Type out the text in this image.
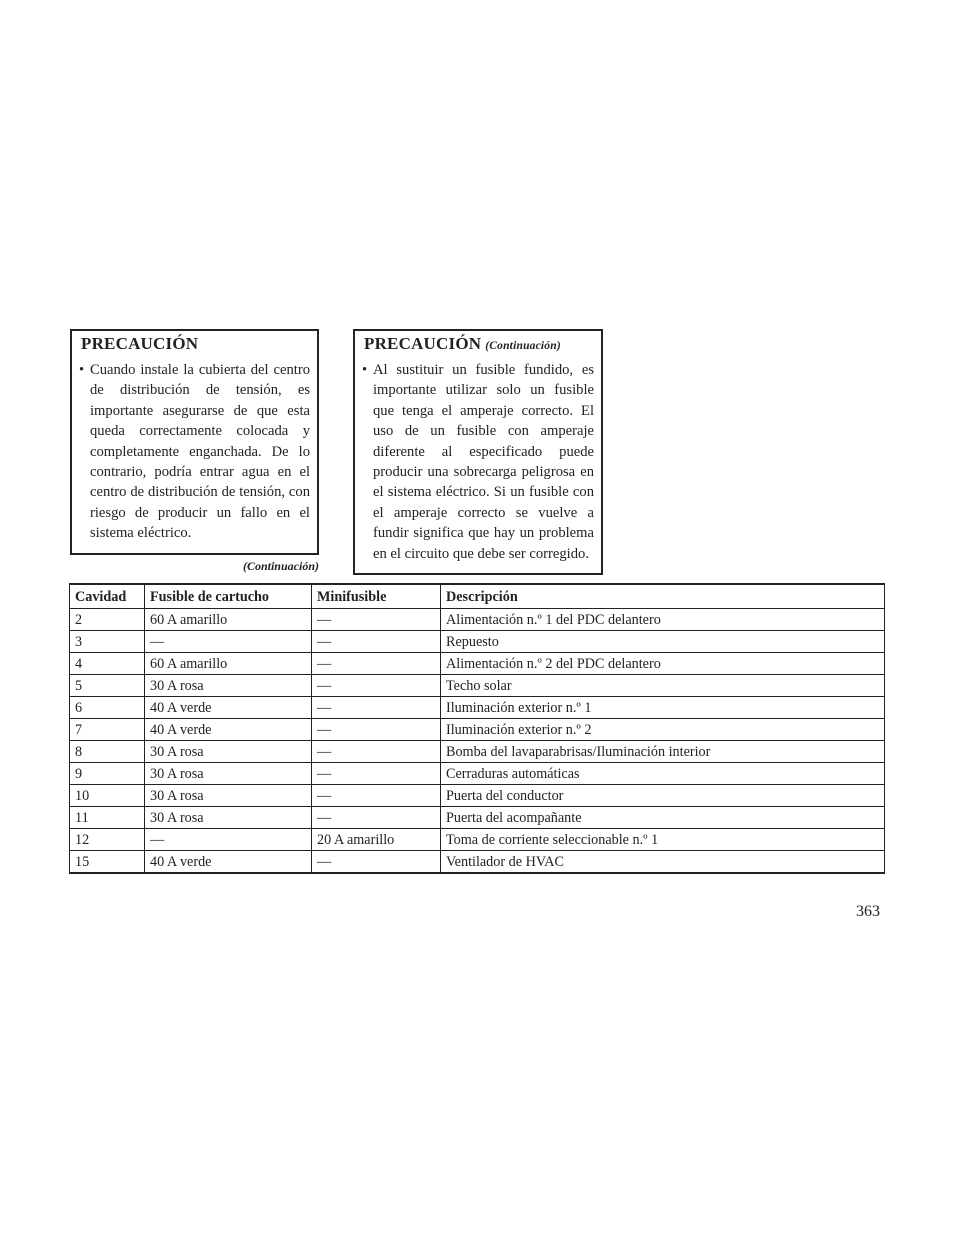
PRECAUCIÓN
• Cuando instale la cubierta del centro de distribución de tensión, es importante asegurarse de que esta queda correctamente colocada y completamente enganchada. De lo contrario, podría entrar agua en el centro de distribución de tensión, con riesgo de producir un fallo en el sistema eléctrico.
(Continuación)
PRECAUCIÓN (Continuación)
• Al sustituir un fusible fundido, es importante utilizar solo un fusible que tenga el amperaje correcto. El uso de un fusible con amperaje diferente al especificado puede producir una sobrecarga peligrosa en el sistema eléctrico. Si un fusible con el amperaje correcto se vuelve a fundir significa que hay un problema en el circuito que debe ser corregido.
Cavidad	Fusible de cartucho	Minifusible	Descripción
2	60 A amarillo	—	Alimentación n.º 1 del PDC delantero
3	—	—	Repuesto
4	60 A amarillo	—	Alimentación n.º 2 del PDC delantero
5	30 A rosa	—	Techo solar
6	40 A verde	—	Iluminación exterior n.º 1
7	40 A verde	—	Iluminación exterior n.º 2
8	30 A rosa	—	Bomba del lavaparabrisas/Iluminación interior
9	30 A rosa	—	Cerraduras automáticas
10	30 A rosa	—	Puerta del conductor
11	30 A rosa	—	Puerta del acompañante
12	—	20 A amarillo	Toma de corriente seleccionable n.º 1
15	40 A verde	—	Ventilador de HVAC
363
